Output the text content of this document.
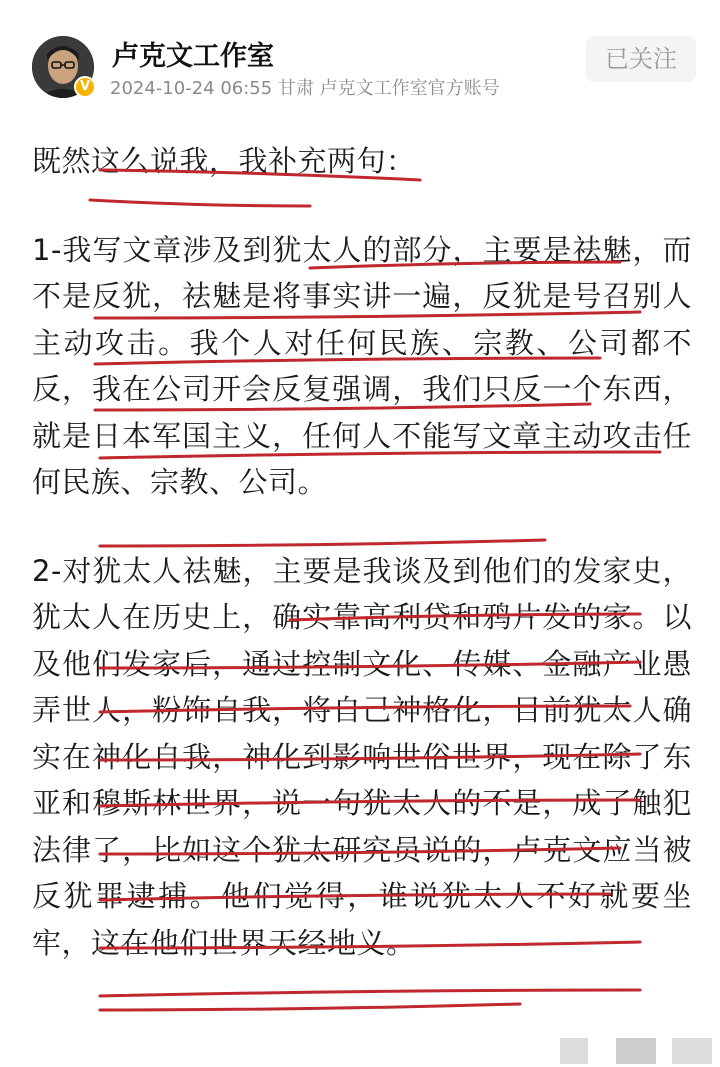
V
卢克文工作室
2024-10-24 06:55 甘肃 卢克文工作室官方账号
已关注

既然这么说我，我补充两句：

1-我写文章涉及到犹太人的部分，主要是祛魅，而不是反犹，祛魅是将事实讲一遍，反犹是号召别人主动攻击。我个人对任何民族、宗教、公司都不反，我在公司开会反复强调，我们只反一个东西，就是日本军国主义，任何人不能写文章主动攻击任何民族、宗教、公司。

2-对犹太人祛魅，主要是我谈及到他们的发家史，犹太人在历史上，确实靠高利贷和鸦片发的家。以及他们发家后，通过控制文化、传媒、金融产业愚弄世人，粉饰自我，将自己神格化，目前犹太人确实在神化自我，神化到影响世俗世界，现在除了东亚和穆斯林世界，说一句犹太人的不是，成了触犯法律了，比如这个犹太研究员说的，卢克文应当被反犹罪逮捕。他们觉得，谁说犹太人不好就要坐牢，这在他们世界天经地义。
